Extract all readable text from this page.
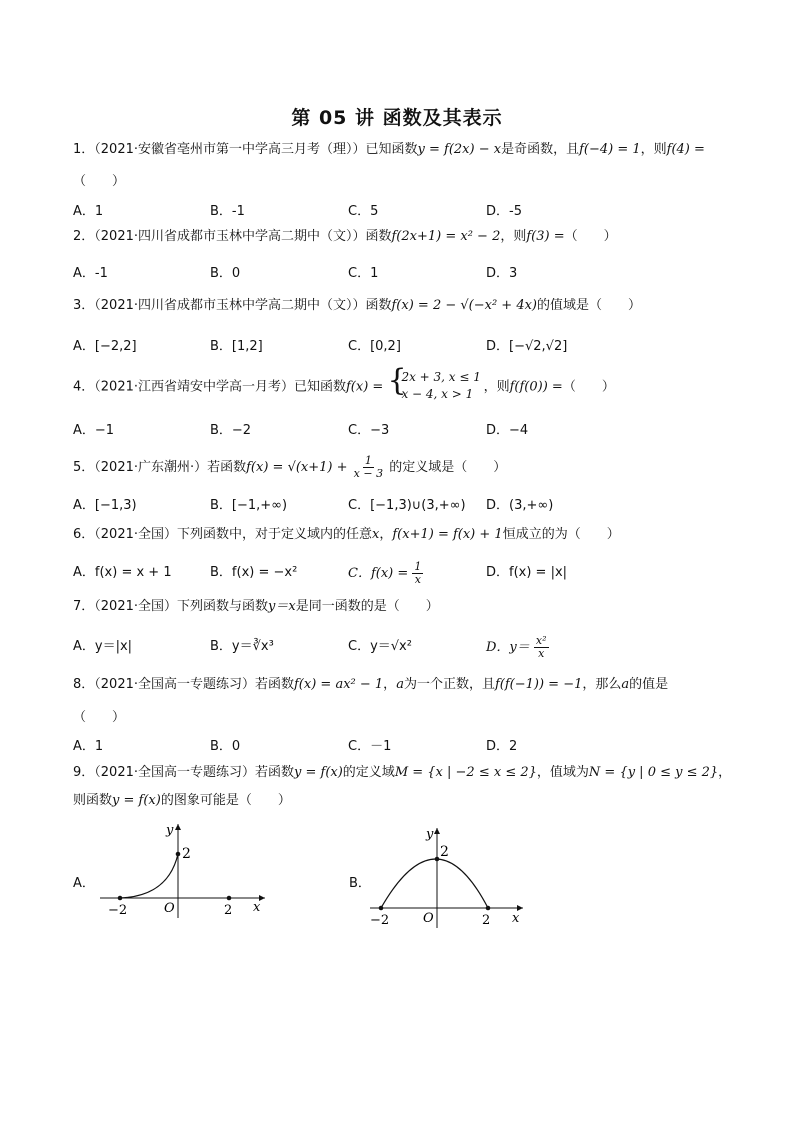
第 05 讲 函数及其表示
1．（2021·安徽省亳州市第一中学高三月考（理））已知函数y = f(2x) − x是奇函数，且f(−4) = 1，则f(4) =
（　　）
A．1	B．-1	C．5	D．-5
2．（2021·四川省成都市玉林中学高二期中（文））函数f(2x+1) = x² − 2，则f(3) =（　　）
A．-1	B．0	C．1	D．3
3．（2021·四川省成都市玉林中学高二期中（文））函数f(x) = 2 − √(−x² + 4x)的值域是（　　）
A．[−2,2]	B．[1,2]	C．[0,2]	D．[−√2,√2]
4．（2021·江西省靖安中学高一月考）已知函数f(x) = {
2x + 3, x ≤ 1
x − 4, x > 1 ，则f(f(0)) =（　　）
A．−1	B．−2	C．−3	D．−4
5．（2021·广东潮州·）若函数$f(x) = √(x+1) + \frac{1}{x - 3}$ 的定义域是（　　）
A．[−1,3)	B．[−1,+∞)	C．[−1,3)∪(3,+∞) D．(3,+∞)
6．（2021·全国）下列函数中，对于定义域内的任意x，f(x+1) = f(x) + 1恒成立的为（　　）
A．f(x) = x + 1	B．f(x) = −x²	C．$f(x) = \frac{1}{x}$	D．f(x) = |x|
7．（2021·全国）下列函数与函数y＝x是同一函数的是（　　）
A．y＝|x|	B．y＝∛x³	C．y＝√x²	D．$y= \frac{\text{x²}}{x}$
8．（2021·全国高一专题练习）若函数f(x) = ax² − 1，a为一个正数，且f(f(−1)) = −1，那么a的值是
（　　）
A．1	B．0	C．－1	D．2
9．（2021·全国高一专题练习）若函数y = f(x)的定义域M = {x | −2 ≤ x ≤ 2}，值域为N = {y | 0 ≤ y ≤ 2}，
则函数y = f(x)的图象可能是（　　）
A．
y
x
2
O
−2	2
B．
y
x
2
O
−2	2
